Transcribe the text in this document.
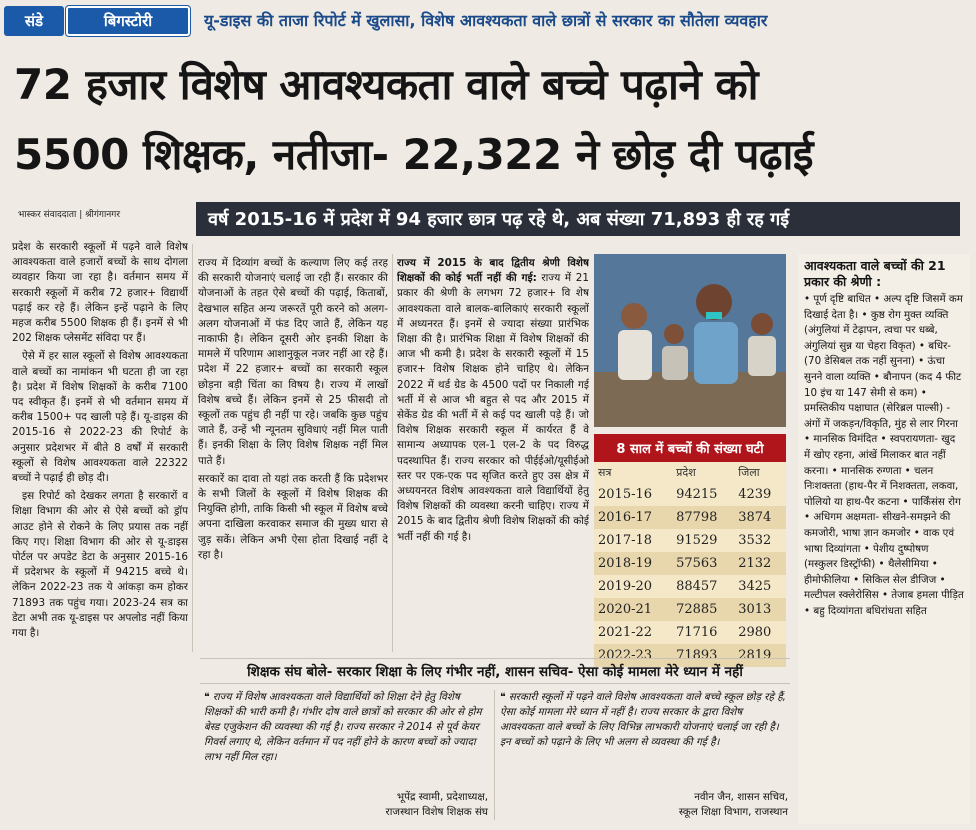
संडे	बिगस्टोरी	यू-डाइस की ताजा रिपोर्ट में खुलासा, विशेष आवश्यकता वाले छात्रों से सरकार का सौतेला व्यवहार
72 हजार विशेष आवश्यकता वाले बच्चे पढ़ाने को
5500 शिक्षक, नतीजा- 22,322 ने छोड़ दी पढ़ाई
भास्कर संवाददाता | श्रीगंगानगर	वर्ष 2015-16 में प्रदेश में 94 हजार छात्र पढ़ रहे थे, अब संख्या 71,893 ही रह गई

प्रदेश के सरकारी स्कूलों में पढ़ने वाले विशेष आवश्यकता वाले हजारों बच्चों के साथ दोगला व्यवहार किया जा रहा है। वर्तमान समय में सरकारी स्कूलों में करीब 72 हजार+ विद्यार्थी पढ़ाई कर रहे हैं। लेकिन इन्हें पढ़ाने के लिए महज करीब 5500 शिक्षक ही हैं। इनमें से भी 202 शिक्षक प्लेसमेंट संविदा पर हैं।

ऐसे में हर साल स्कूलों से विशेष आवश्यकता वाले बच्चों का नामांकन भी घटता ही जा रहा है। प्रदेश में विशेष शिक्षकों के करीब 7100 पद स्वीकृत हैं। इनमें से भी वर्तमान समय में करीब 1500+ पद खाली पड़े हैं। यू-डाइस की 2015-16 से 2022-23 की रिपोर्ट के अनुसार प्रदेशभर में बीते 8 वर्षों में सरकारी स्कूलों से विशेष आवश्यकता वाले 22322 बच्चों ने पढ़ाई ही छोड़ दी।

इस रिपोर्ट को देखकर लगता है सरकारों व शिक्षा विभाग की ओर से ऐसे बच्चों को ड्रॉप आउट होने से रोकने के लिए प्रयास तक नहीं किए गए। शिक्षा विभाग की ओर से यू-डाइस पोर्टल पर अपडेट डेटा के अनुसार 2015-16 में प्रदेशभर के स्कूलों में 94215 बच्चे थे। लेकिन 2022-23 तक ये आंकड़ा कम होकर 71893 तक पहुंच गया। 2023-24 सत्र का डेटा अभी तक यू-डाइस पर अपलोड नहीं किया गया है।

राज्य में दिव्यांग बच्चों के कल्याण लिए कई तरह की सरकारी योजनाएं चलाई जा रही हैं। सरकार की योजनाओं के तहत ऐसे बच्चों की पढ़ाई, किताबों, देखभाल सहित अन्य जरूरतें पूरी करने को अलग-अलग योजनाओं में फंड दिए जाते हैं, लेकिन यह नाकाफी है। लेकिन दूसरी ओर इनकी शिक्षा के मामले में परिणाम आशानुकूल नजर नहीं आ रहे हैं। प्रदेश में 22 हजार+ बच्चों का सरकारी स्कूल छोड़ना बड़ी चिंता का विषय है। राज्य में लाखों विशेष बच्चे हैं। लेकिन इनमें से 25 फीसदी तो स्कूलों तक पहुंच ही नहीं पा रहे। जबकि कुछ पहुंच जाते हैं, उन्हें भी न्यूनतम सुविधाएं नहीं मिल पाती हैं। इनकी शिक्षा के लिए विशेष शिक्षक नहीं मिल पाते हैं।

सरकारें का दावा तो यहां तक करती हैं कि प्रदेशभर के सभी जिलों के स्कूलों में विशेष शिक्षक की नियुक्ति होगी, ताकि किसी भी स्कूल में विशेष बच्चे अपना दाखिला करवाकर समाज की मुख्य धारा से जुड़ सकें। लेकिन अभी ऐसा होता दिखाई नहीं दे रहा है।

राज्य में 2015 के बाद द्वितीय श्रेणी विशेष शिक्षकों की कोई भर्ती नहीं की गई: राज्य में 21 प्रकार की श्रेणी के लगभग 72 हजार+ वि शेष आवश्यकता वाले बालक-बालिकाएं सरकारी स्कूलों में अध्यनरत हैं। इनमें से ज्यादा संख्या प्रारंभिक शिक्षा की है। प्रारंभिक शिक्षा में विशेष शिक्षकों की आज भी कमी है। प्रदेश के सरकारी स्कूलों में 15 हजार+ विशेष शिक्षक होने चाहिए थे। लेकिन 2022 में थर्ड ग्रेड के 4500 पदों पर निकाली गई भर्ती में से आज भी बहुत से पद और 2015 में सेकेंड ग्रेड की भर्ती में से कई पद खाली पड़े हैं। जो विशेष शिक्षक सरकारी स्कूल में कार्यरत हैं वे सामान्य अध्यापक एल-1 एल-2 के पद विरुद्ध पदस्थापित हैं। राज्य सरकार को पीईईओ/यूसीईओ स्तर पर एक-एक पद सृजित करते हुए उस क्षेत्र में अध्ययनरत विशेष आवश्यकता वाले विद्यार्थियों हेतु विशेष शिक्षकों की व्यवस्था करनी चाहिए। राज्य में 2015 के बाद द्वितीय श्रेणी विशेष शिक्षकों की कोई भर्ती नहीं की गई है।
8 साल में बच्चों की संख्या घटी
सत्र	प्रदेश	जिला
2015-16	94215	4239
2016-17	87798	3874
2017-18	91529	3532
2018-19	57563	2132
2019-20	88457	3425
2020-21	72885	3013
2021-22	71716	2980
2022-23	71893	2819
आवश्यकता वाले बच्चों की 21 प्रकार की श्रेणी :
• पूर्ण दृष्टि बाधित • अल्प दृष्टि जिसमें कम दिखाई देता है। • कुष्ठ रोग मुक्त व्यक्ति (अंगुलियां में टेढ़ापन, त्वचा पर धब्बे, अंगुलियां सुन्न या चेहरा विकृत) • बधिर- (70 डेसिबल तक नहीं सुनना) • ऊंचा सुनने वाला व्यक्ति • बौनापन (कद 4 फीट 10 इंच या 147 सेमी से कम) • प्रमस्तिकीय पक्षाघात (सेरिब्रल पाल्सी) - अंगों में जकड़न/विकृति, मुंह से लार गिरना • मानसिक विमंदित • स्वपरायणता- खुद में खोए रहना, आंखें मिलाकर बात नहीं करना। • मानसिक रुग्णता • चलन निःशक्तता (हाथ-पैर में निशक्तता, लकवा, पोलियो या हाथ-पैर कटना • पार्किंसंस रोग • अधिगम अक्षमता- सीखने-समझने की कमजोरी, भाषा ज्ञान कमजोर • वाक एवं भाषा दिव्यांगता • पेशीय दुष्पोषण (मस्कुलर डिस्ट्रॉफी) • थैलेसीमिया • हीमोफीलिया • सिकिल सेल डीजिज • मल्टीपल स्क्लेरोसिस • तेजाब हमला पीड़ित • बहु दिव्यांगता बधिरांधता सहित
शिक्षक संघ बोले- सरकार शिक्षा के लिए गंभीर नहीं, शासन सचिव- ऐसा कोई मामला मेरे ध्यान में नहीं
❝ राज्य में विशेष आवश्यकता वाले विद्यार्थियों को शिक्षा देने हेतु विशेष शिक्षकों की भारी कमी है। गंभीर दोष वाले छात्रों को सरकार की ओर से होम बेस्ड एजुकेशन की व्यवस्था की गई है। राज्य सरकार ने 2014 से पूर्व केयर गिवर्स लगाए थे, लेकिन वर्तमान में पद नहीं होने के कारण बच्चों को ज्यादा लाभ नहीं मिल रहा।
भूपेंद्र स्वामी, प्रदेशाध्यक्ष,
राजस्थान विशेष शिक्षक संघ
❝ सरकारी स्कूलों में पढ़ने वाले विशेष आवश्यकता वाले बच्चे स्कूल छोड़ रहे हैं, ऐसा कोई मामला मेरे ध्यान में नहीं है। राज्य सरकार के द्वारा विशेष आवश्यकता वाले बच्चों के लिए विभिन्न लाभकारी योजनाएं चलाई जा रही है। इन बच्चों को पढ़ाने के लिए भी अलग से व्यवस्था की गई है।
नवीन जैन, शासन सचिव,
स्कूल शिक्षा विभाग, राजस्थान
